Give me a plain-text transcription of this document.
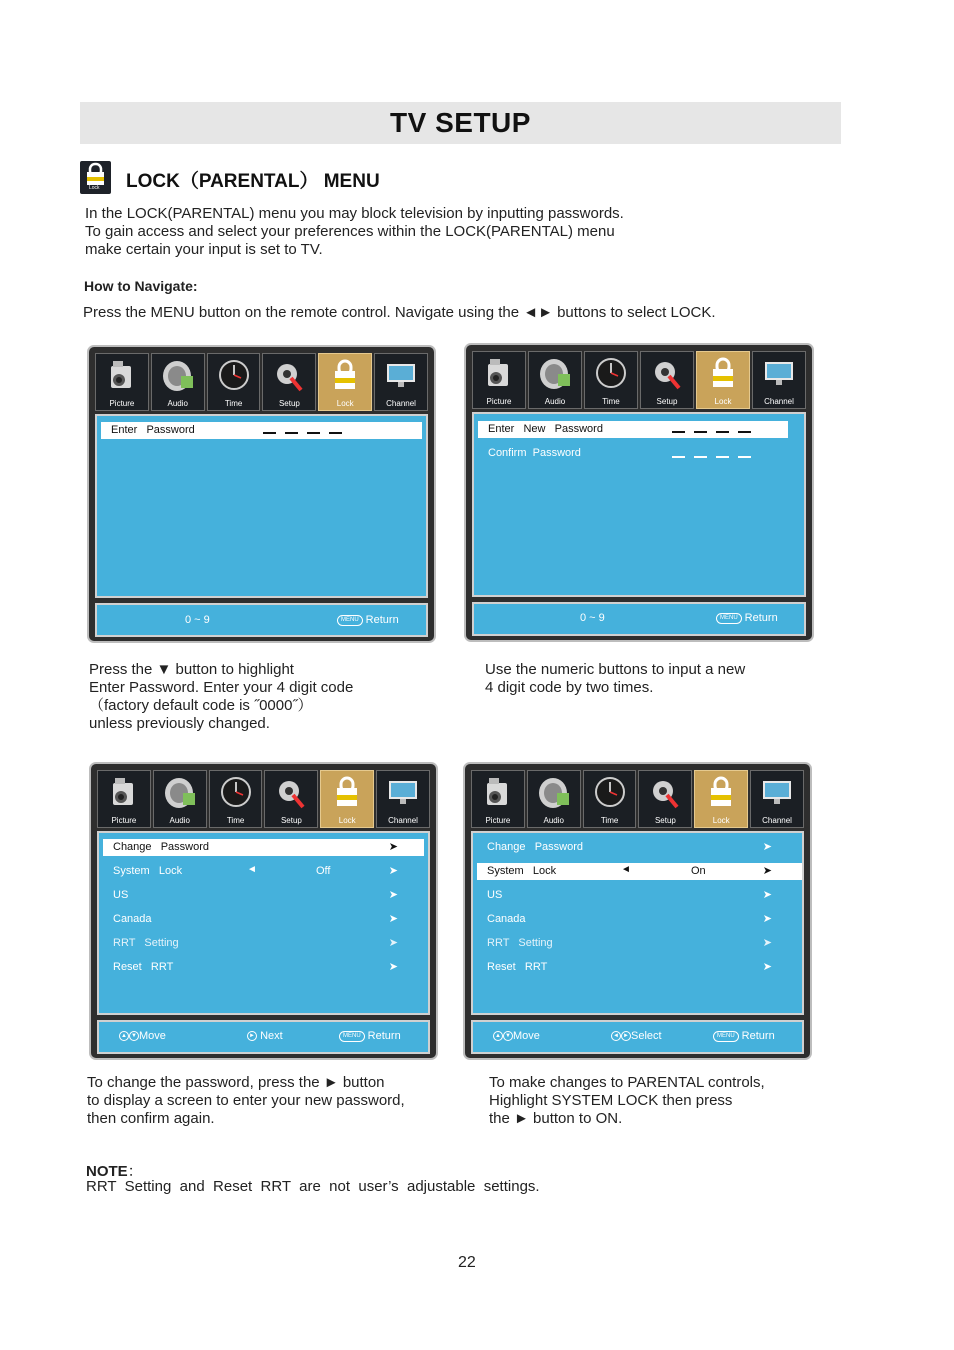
TV SETUP
Lock LOCK（PARENTAL） MENU
In the LOCK(PARENTAL) menu you may block television by inputting passwords.
To gain access and select your preferences within the LOCK(PARENTAL) menu
make certain your input is set to TV.
How to Navigate:
Press the MENU button on the remote control. Navigate using the ◄► buttons to select LOCK.
Picture	Audio	Time	Setup	Lock	Channel
Enter   Password
0 ~ 9	MENU Return
Picture	Audio	Time	Setup	Lock	Channel
Enter   New   Password
Confirm  Password
0 ~ 9	MENU Return
Press the ▼ button to highlight
Enter Password. Enter your 4 digit code
（factory default code is ˝0000˝）
unless previously changed.
Use the numeric buttons to input a new
4 digit code by two times.
Picture	Audio	Time	Setup	Lock	Channel
Change   Password	➤
System   Lock	◄	Off	➤
US	➤
Canada	➤
RRT   Setting	➤
Reset   RRT	➤
▲ ▼ Move	► Next	MENU Return
Picture	Audio	Time	Setup	Lock	Channel
Change   Password	➤
System   Lock	◄	On	➤
US	➤
Canada	➤
RRT   Setting	➤
Reset   RRT	➤
▲ ▼ Move	◄ ► Select	MENU Return
To change the password, press the ► button
to display a screen to enter your new password,
then confirm again.
To make changes to PARENTAL controls,
Highlight SYSTEM LOCK then press
the ► button to ON.
NOTE：
RRT  Setting  and  Reset  RRT  are  not  user’s  adjustable  settings.
22
